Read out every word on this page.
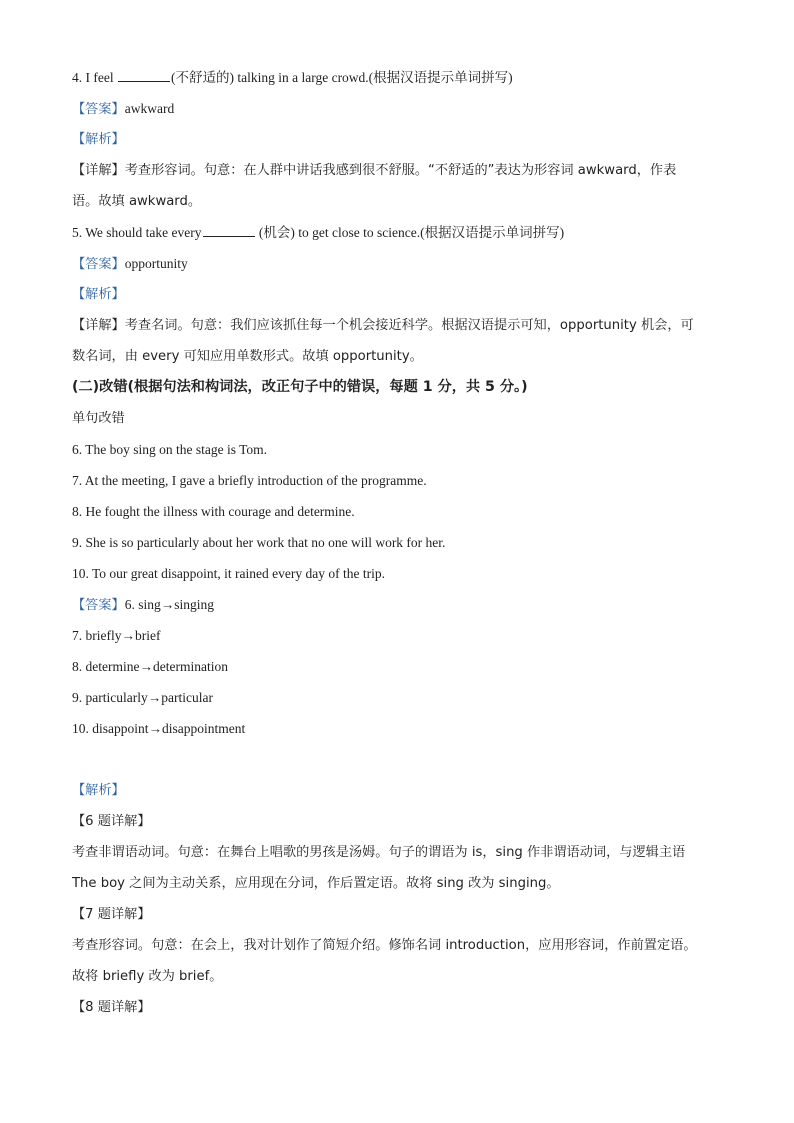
4. I feel	(不舒适的) talking in a large crowd.(根据汉语提示单词拼写)
【答案】awkward
【解析】
【详解】考查形容词。句意：在人群中讲话我感到很不舒服。“不舒适的”表达为形容词 awkward，作表
语。故填 awkward。
5. We should take every	(机会) to get close to science.(根据汉语提示单词拼写)
【答案】opportunity
【解析】
【详解】考查名词。句意：我们应该抓住每一个机会接近科学。根据汉语提示可知，opportunity 机会，可
数名词，由 every 可知应用单数形式。故填 opportunity。
(二)改错(根据句法和构词法，改正句子中的错误，每题 1 分，共 5 分。)
单句改错
6. The boy sing on the stage is Tom.
7. At the meeting, I gave a briefly introduction of the programme.
8. He fought the illness with courage and determine.
9. She is so particularly about her work that no one will work for her.
10. To our great disappoint, it rained every day of the trip.
【答案】6. sing→singing
7. briefly→brief
8. determine→determination
9. particularly→particular
10. disappoint→disappointment
【解析】
【6 题详解】
考查非谓语动词。句意：在舞台上唱歌的男孩是汤姆。句子的谓语为 is，sing 作非谓语动词，与逻辑主语
The boy 之间为主动关系，应用现在分词，作后置定语。故将 sing 改为 singing。
【7 题详解】
考查形容词。句意：在会上，我对计划作了简短介绍。修饰名词 introduction，应用形容词，作前置定语。
故将 briefly 改为 brief。
【8 题详解】
